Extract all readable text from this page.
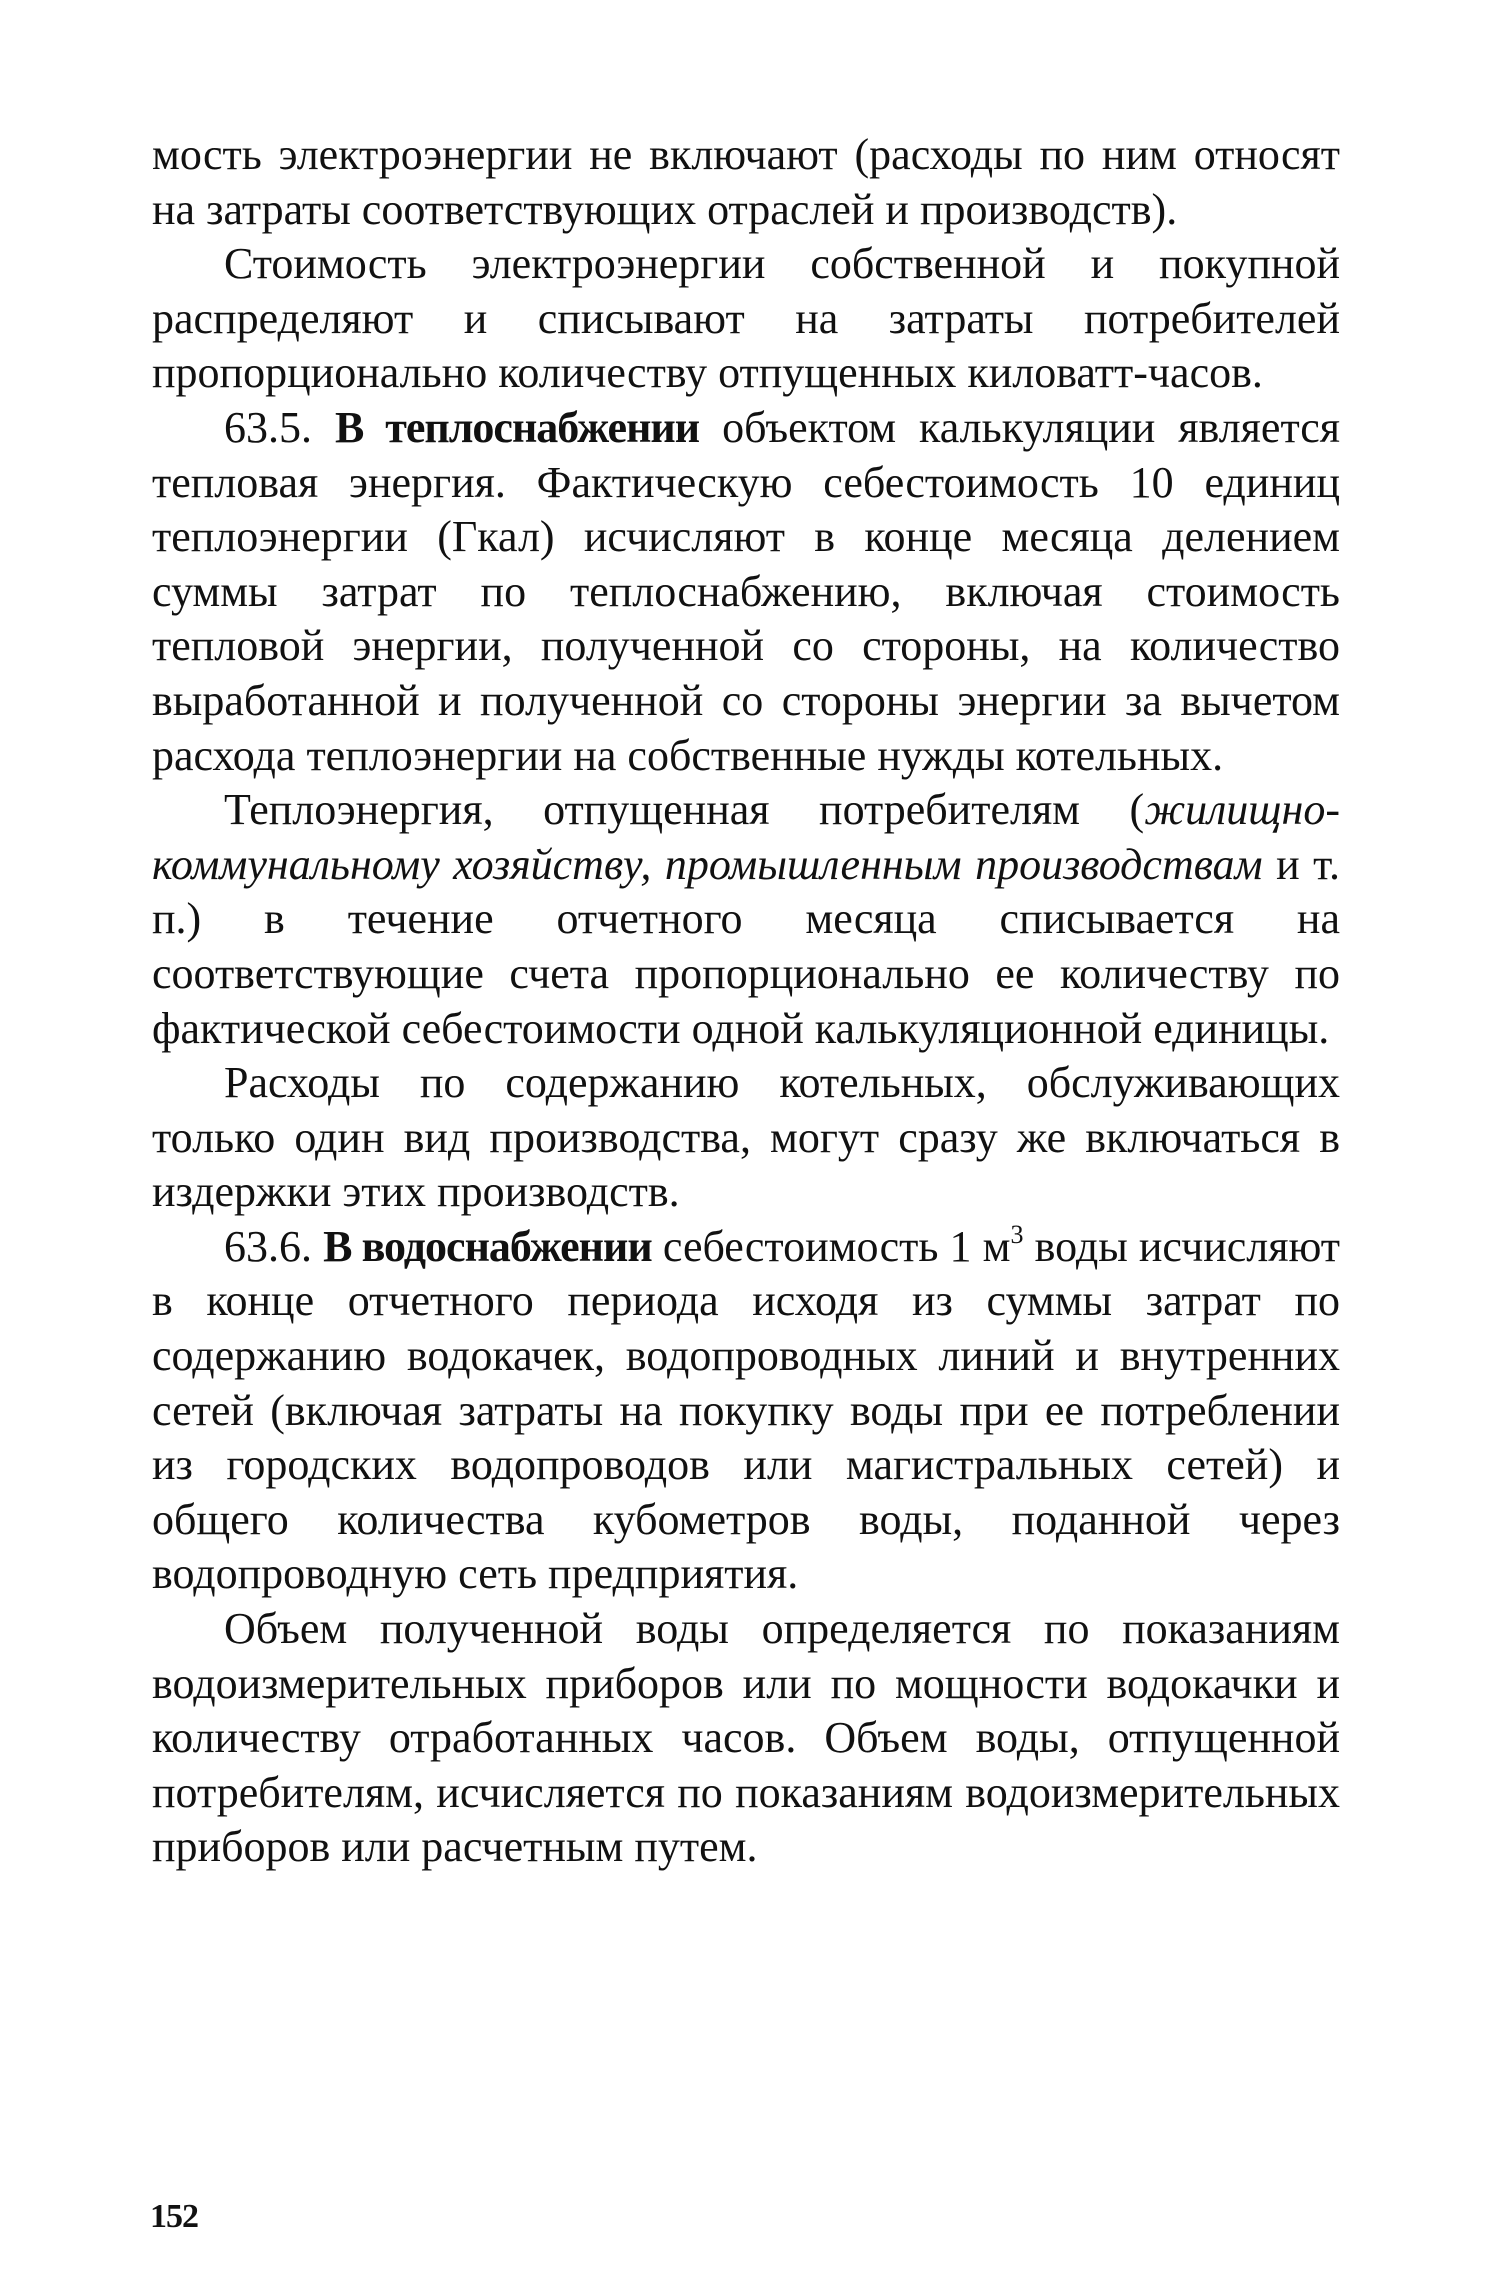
мость электроэнергии не включают (расходы по ним относят на затраты соответствующих отраслей и производств).

Стоимость электроэнергии собственной и покупной распределяют и списывают на затраты потребителей пропорционально количеству отпущенных киловатт-часов.

63.5. В теплоснабжении объектом калькуляции является тепловая энергия. Фактическую себестоимость 10 единиц теплоэнергии (Гкал) исчисляют в конце месяца делением суммы затрат по теплоснабжению, включая стоимость тепловой энергии, полученной со стороны, на количество выработанной и полученной со стороны энергии за вычетом расхода теплоэнергии на собственные нужды котельных.

Теплоэнергия, отпущенная потребителям (жилищно-коммунальному хозяйству, промышленным производствам и т. п.) в течение отчетного месяца списывается на соответствующие счета пропорционально ее количеству по фактической себестоимости одной калькуляционной единицы.

Расходы по содержанию котельных, обслуживающих только один вид производства, могут сразу же включаться в издержки этих производств.

63.6. В водоснабжении себестоимость 1 $м^3$ воды исчисляют в конце отчетного периода исходя из суммы затрат по содержанию водокачек, водопроводных линий и внутренних сетей (включая затраты на покупку воды при ее потреблении из городских водопроводов или магистральных сетей) и общего количества кубометров воды, поданной через водопроводную сеть предприятия.

Объем полученной воды определяется по показаниям водоизмерительных приборов или по мощности водокачки и количеству отработанных часов. Объем воды, отпущенной потребителям, исчисляется по показаниям водоизмерительных приборов или расчетным путем.

152
